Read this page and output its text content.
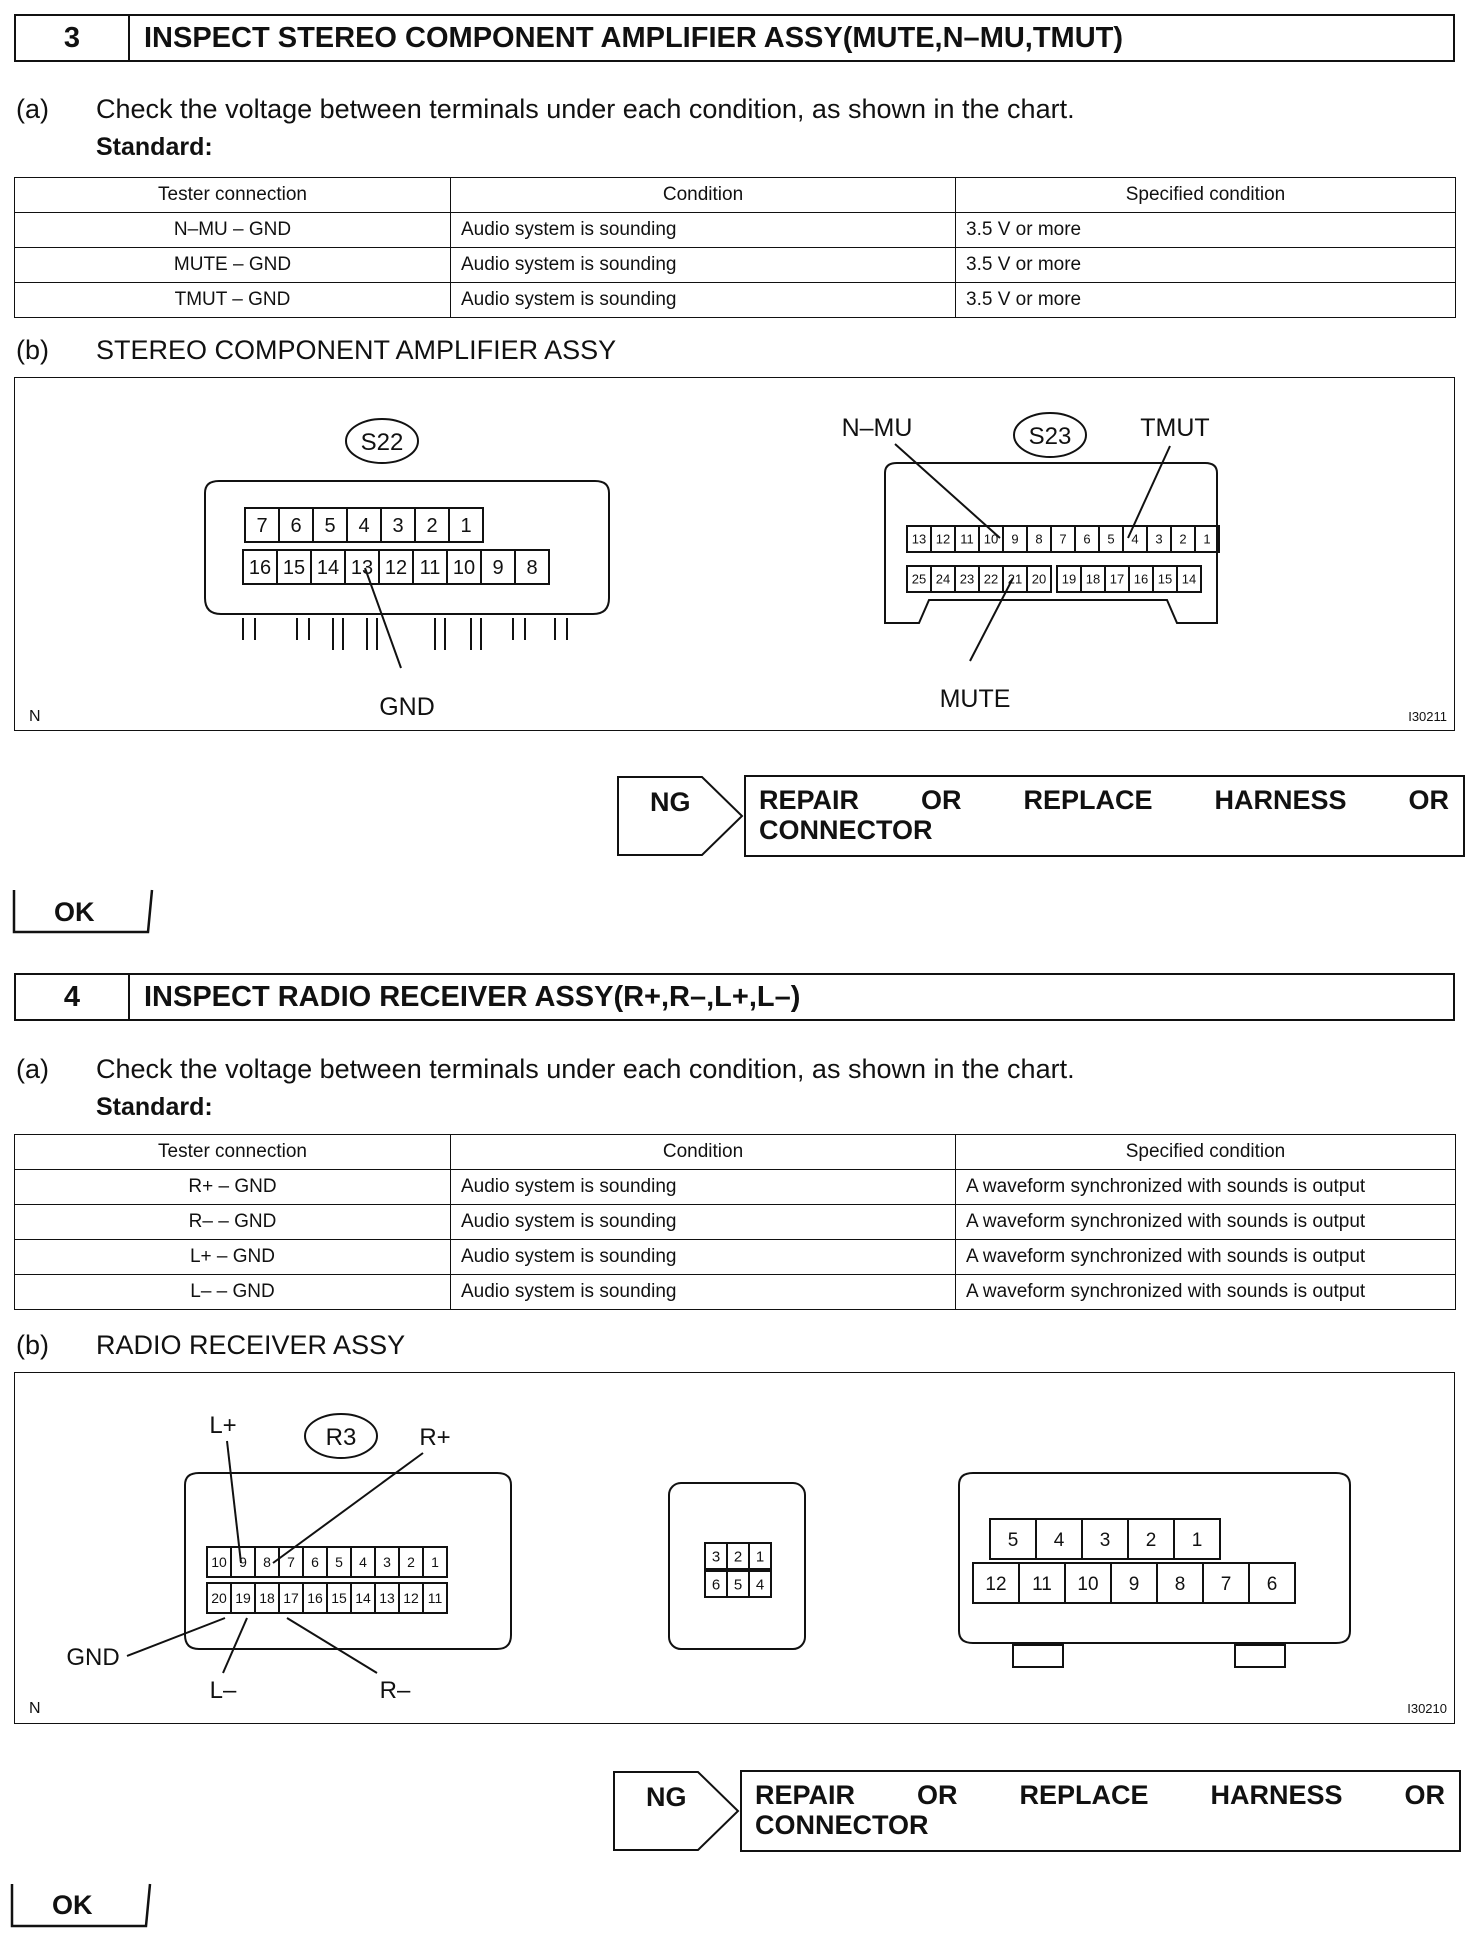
3	INSPECT STEREO COMPONENT AMPLIFIER ASSY(MUTE,N–MU,TMUT)
(a) Check the voltage between terminals under each condition, as shown in the chart.
Standard:
Tester connection	Condition	Specified condition
N–MU – GND	Audio system is sounding	3.5 V or more
MUTE – GND	Audio system is sounding	3.5 V or more
TMUT – GND	Audio system is sounding	3.5 V or more
(b) STEREO COMPONENT AMPLIFIER ASSY
S22
7 6 5 4 3 2 1
16 15 14 13 12 11 10 9 8
GND
S23
N–MU	TMUT
13 12 11 10 9 8 7 6 5 4 3 2 1
25 24 23 22 21 20 19 18 17 16 15 14
MUTE
N	I30211
NG	REPAIR OR REPLACE HARNESS OR
CONNECTOR
OK
4	INSPECT RADIO RECEIVER ASSY(R+,R–,L+,L–)
(a) Check the voltage between terminals under each condition, as shown in the chart.
Standard:
Tester connection	Condition	Specified condition
R+ – GND	Audio system is sounding	A waveform synchronized with sounds is output
R– – GND	Audio system is sounding	A waveform synchronized with sounds is output
L+ – GND	Audio system is sounding	A waveform synchronized with sounds is output
L– – GND	Audio system is sounding	A waveform synchronized with sounds is output
(b) RADIO RECEIVER ASSY
R3
L+	R+
10 9 8 7 6 5 4 3 2 1
20 19 18 17 16 15 14 13 12 11
GND
L–	R–
3 2 1
6 5 4
5 4 3 2 1
12 11 10 9 8 7 6
N	I30210
NG	REPAIR OR REPLACE HARNESS OR
CONNECTOR
OK
